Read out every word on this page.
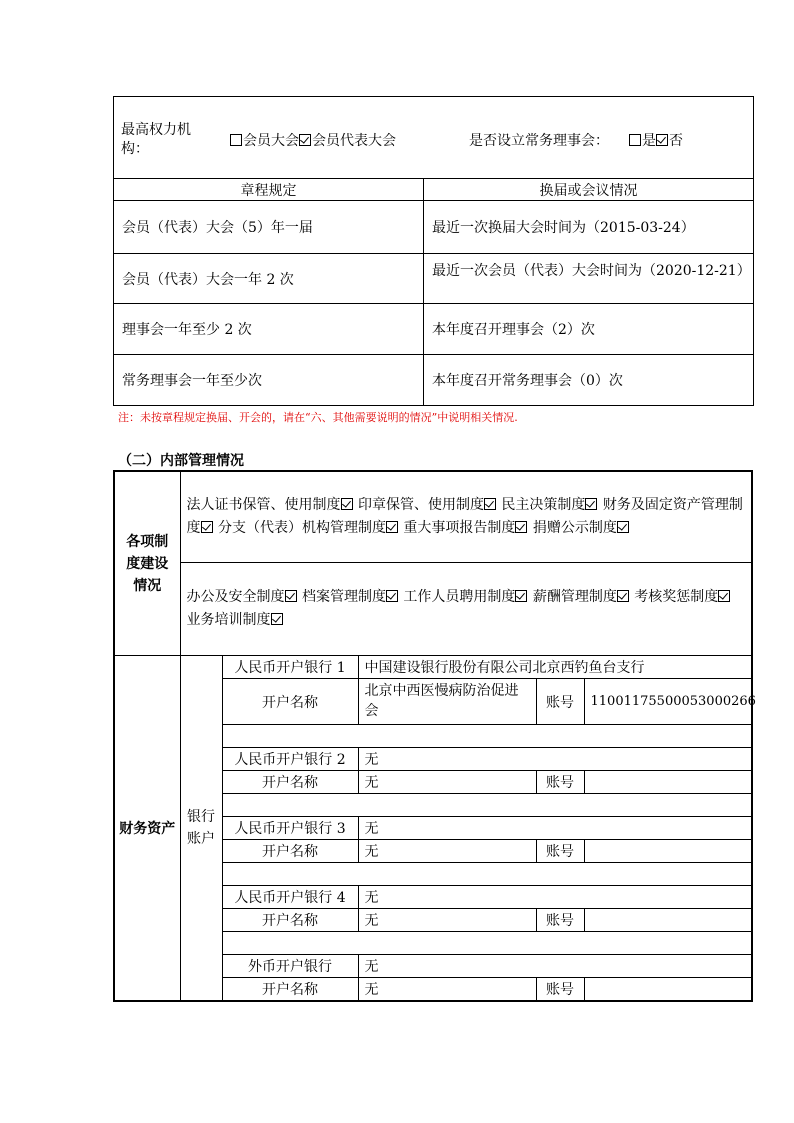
最高权力机构： 会员大会 会员代表大会 是否设立常务理事会： 是 否	

章程规定	换届或会议情况
会员（代表）大会（5）年一届	最近一次换届大会时间为（2015-03-24）
会员（代表）大会一年 2 次	最近一次会员（代表）大会时间为（2020-12-21）
理事会一年至少 2 次	本年度召开理事会（2）次
常务理事会一年至少次	本年度召开常务理事会（0）次
注：未按章程规定换届、开会的，请在“六、其他需要说明的情况”中说明相关情况.
（二）内部管理情况
各项制度建设情况	法人证书保管、使用制度 印章保管、使用制度 民主决策制度 财务及固定资产管理制度 分支（代表）机构管理制度 重大事项报告制度 捐赠公示制度				
	办公及安全制度 档案管理制度 工作人员聘用制度 薪酬管理制度 考核奖惩制度 业务培训制度				
财务资产	银行账户	人民币开户银行 1	中国建设银行股份有限公司北京西钓鱼台支行		
		开户名称	北京中西医慢病防治促进会	账号	11001175500053000266

		人民币开户银行 2	无		
		开户名称	无	账号	

		人民币开户银行 3	无		
		开户名称	无	账号	

		人民币开户银行 4	无		
		开户名称	无	账号	

		外币开户银行	无		
		开户名称	无	账号	
